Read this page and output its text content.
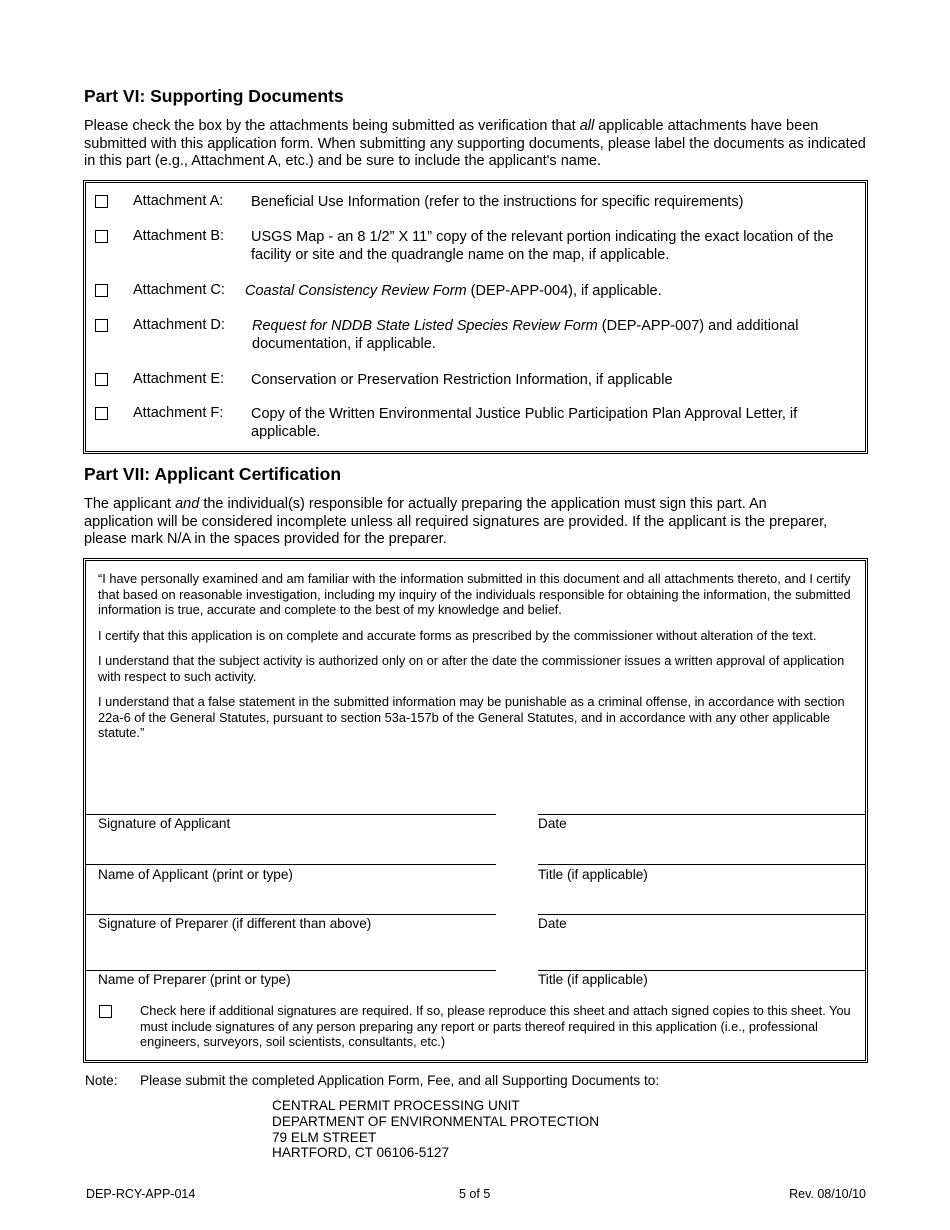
Part VI: Supporting Documents
Please check the box by the attachments being submitted as verification that all applicable attachments have been submitted with this application form. When submitting any supporting documents, please label the documents as indicated in this part (e.g., Attachment A, etc.) and be sure to include the applicant's name.
Attachment A: Beneficial Use Information (refer to the instructions for specific requirements)
Attachment B: USGS Map - an 8 1/2” X 11” copy of the relevant portion indicating the exact location of the facility or site and the quadrangle name on the map, if applicable.
Attachment C: Coastal Consistency Review Form (DEP-APP-004), if applicable.
Attachment D: Request for NDDB State Listed Species Review Form (DEP-APP-007) and additional documentation, if applicable.
Attachment E: Conservation or Preservation Restriction Information, if applicable
Attachment F: Copy of the Written Environmental Justice Public Participation Plan Approval Letter, if applicable.
Part VII: Applicant Certification
The applicant and the individual(s) responsible for actually preparing the application must sign this part. An application will be considered incomplete unless all required signatures are provided. If the applicant is the preparer, please mark N/A in the spaces provided for the preparer.

“I have personally examined and am familiar with the information submitted in this document and all attachments thereto, and I certify that based on reasonable investigation, including my inquiry of the individuals responsible for obtaining the information, the submitted information is true, accurate and complete to the best of my knowledge and belief.

I certify that this application is on complete and accurate forms as prescribed by the commissioner without alteration of the text.

I understand that the subject activity is authorized only on or after the date the commissioner issues a written approval of application with respect to such activity.

I understand that a false statement in the submitted information may be punishable as a criminal offense, in accordance with section 22a-6 of the General Statutes, pursuant to section 53a-157b of the General Statutes, and in accordance with any other applicable statute.”

Signature of Applicant	Date
Name of Applicant (print or type)	Title (if applicable)
Signature of Preparer (if different than above)	Date
Name of Preparer (print or type)	Title (if applicable)
Check here if additional signatures are required. If so, please reproduce this sheet and attach signed copies to this sheet. You must include signatures of any person preparing any report or parts thereof required in this application (i.e., professional engineers, surveyors, soil scientists, consultants, etc.)
Note: Please submit the completed Application Form, Fee, and all Supporting Documents to:
CENTRAL PERMIT PROCESSING UNIT
DEPARTMENT OF ENVIRONMENTAL PROTECTION
79 ELM STREET
HARTFORD, CT 06106-5127
DEP-RCY-APP-014	5 of 5	Rev. 08/10/10
